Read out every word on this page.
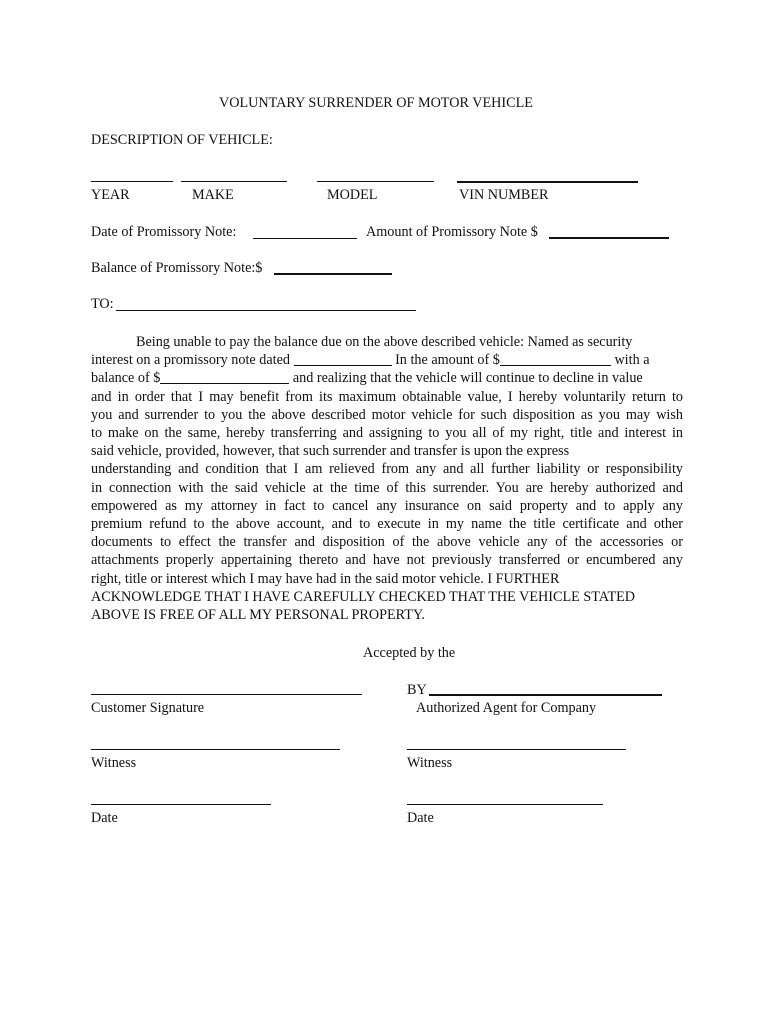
VOLUNTARY SURRENDER OF MOTOR VEHICLE
DESCRIPTION OF VEHICLE:
YEAR	MAKE	MODEL	VIN NUMBER
Date of Promissory Note:	Amount of Promissory Note $
Balance of Promissory Note:$
TO:
Being unable to pay the balance due on the above described vehicle: Named as security
interest on a promissory note dated	In the amount of $	with a
balance of $	and realizing that the vehicle will continue to decline in value
and in order that I may benefit from its maximum obtainable value, I hereby voluntarily return to
you and surrender to you the above described motor vehicle for such disposition as you may wish
to make on the same, hereby transferring and assigning to you all of my right, title and interest in
said vehicle, provided, however, that such surrender and transfer is upon the express
understanding and condition that I am relieved from any and all further liability or responsibility
in connection with the said vehicle at the time of this surrender. You are hereby authorized and
empowered as my attorney in fact to cancel any insurance on said property and to apply any
premium refund to the above account, and to execute in my name the title certificate and other
documents to effect the transfer and disposition of the above vehicle any of the accessories or
attachments properly appertaining thereto and have not previously transferred or encumbered any
right, title or interest which I may have had in the said motor vehicle. I FURTHER
ACKNOWLEDGE THAT I HAVE CAREFULLY CHECKED THAT THE VEHICLE STATED
ABOVE IS FREE OF ALL MY PERSONAL PROPERTY.
Accepted by the
BY
Customer Signature	Authorized Agent for Company
Witness	Witness
Date	Date
